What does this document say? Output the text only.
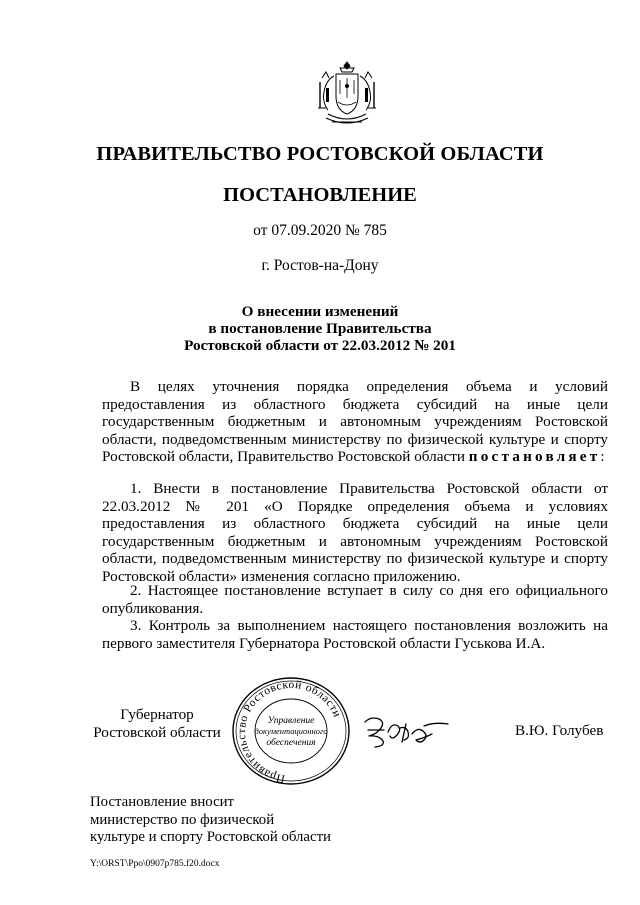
ПРАВИТЕЛЬСТВО РОСТОВСКОЙ ОБЛАСТИ
ПОСТАНОВЛЕНИЕ
от 07.09.2020 № 785
г. Ростов-на-Дону
О внесении изменений
в постановление Правительства
Ростовской области от 22.03.2012 № 201

В целях уточнения порядка определения объема и условий предоставления из областного бюджета субсидий на иные цели государственным бюджетным и автономным учреждениям Ростовской области, подведомственным министерству по физической культуре и спорту Ростовской области, Правительство Ростовской области постановляет:

1. Внести в постановление Правительства Ростовской области от 22.03.2012 № 201 «О Порядке определения объема и условиях предоставления из областного бюджета субсидий на иные цели государственным бюджетным и автономным учреждениям Ростовской области, подведомственным министерству по физической культуре и спорту Ростовской области» изменения согласно приложению.

2. Настоящее постановление вступает в силу со дня его официального опубликования.

3. Контроль за выполнением настоящего постановления возложить на первого заместителя Губернатора Ростовской области Гуськова И.А.

Губернатор
Ростовской области
Правительство Ростовской области
Управление
документационного
обеспечения
В.Ю. Голубев
Постановление вносит
министерство по физической
культуре и спорту Ростовской области
Y:\ORST\Ppo\0907p785.f20.docx
